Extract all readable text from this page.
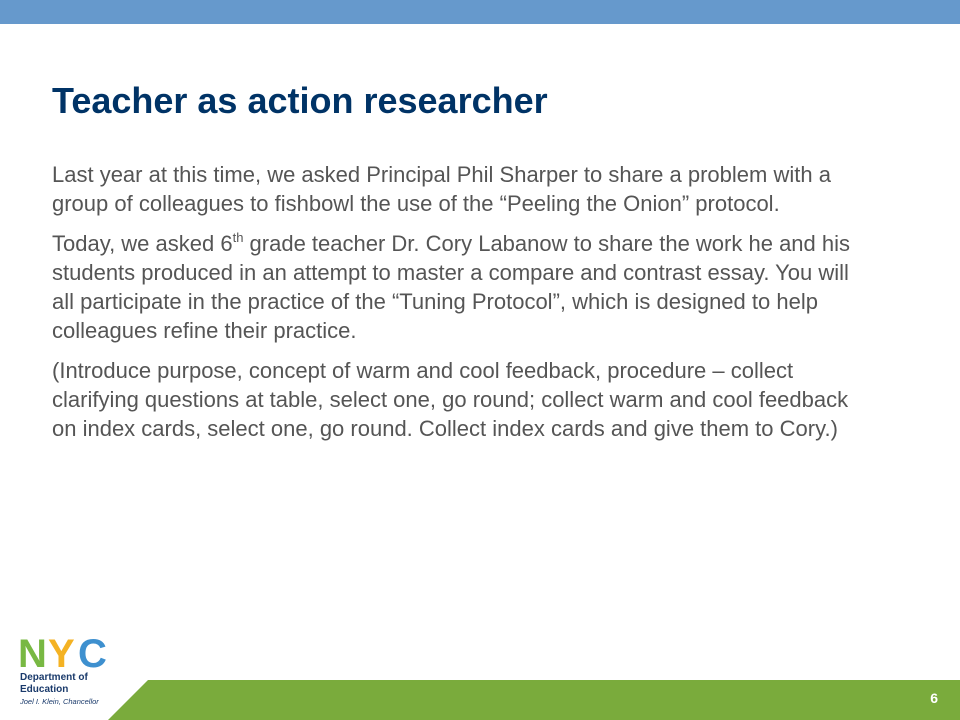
Teacher as action researcher

Last year at this time, we asked Principal Phil Sharper to share a problem with a group of colleagues to fishbowl the use of the “Peeling the Onion” protocol.

Today, we asked 6th grade teacher Dr. Cory Labanow to share the work he and his students produced in an attempt to master a compare and contrast essay. You will all participate in the practice of the “Tuning Protocol”, which is designed to help colleagues refine their practice.

(Introduce purpose, concept of warm and cool feedback, procedure – collect clarifying questions at table, select one, go round; collect warm and cool feedback on index cards, select one, go round. Collect index cards and give them to Cory.)

N Y C
Department of
Education
Joel I. Klein, Chancellor	6
